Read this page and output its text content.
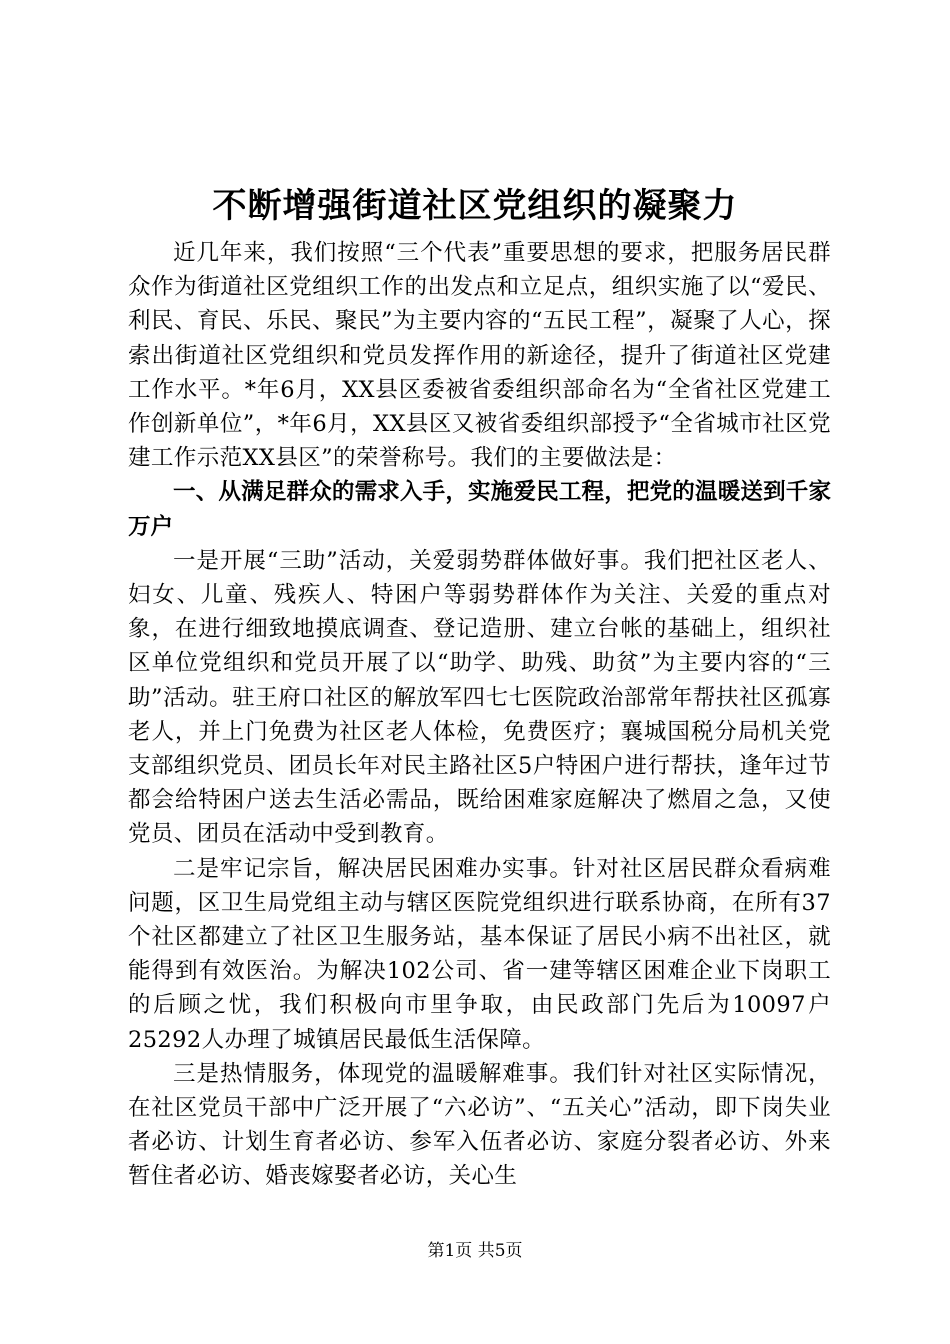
不断增强街道社区党组织的凝聚力

近几年来，我们按照“三个代表”重要思想的要求，把服务居民群众作为街道社区党组织工作的出发点和立足点，组织实施了以“爱民、利民、育民、乐民、聚民”为主要内容的“五民工程”，凝聚了人心，探索出街道社区党组织和党员发挥作用的新途径，提升了街道社区党建工作水平。*年6月，XX县区委被省委组织部命名为“全省社区党建工作创新单位”，*年6月，XX县区又被省委组织部授予“全省城市社区党建工作示范XX县区”的荣誉称号。我们的主要做法是：

一、从满足群众的需求入手，实施爱民工程，把党的温暖送到千家万户

一是开展“三助”活动，关爱弱势群体做好事。我们把社区老人、妇女、儿童、残疾人、特困户等弱势群体作为关注、关爱的重点对象，在进行细致地摸底调查、登记造册、建立台帐的基础上，组织社区单位党组织和党员开展了以“助学、助残、助贫”为主要内容的“三助”活动。驻王府口社区的解放军四七七医院政治部常年帮扶社区孤寡老人，并上门免费为社区老人体检，免费医疗；襄城国税分局机关党支部组织党员、团员长年对民主路社区5户特困户进行帮扶，逢年过节都会给特困户送去生活必需品，既给困难家庭解决了燃眉之急，又使党员、团员在活动中受到教育。

二是牢记宗旨，解决居民困难办实事。针对社区居民群众看病难问题，区卫生局党组主动与辖区医院党组织进行联系协商，在所有37个社区都建立了社区卫生服务站，基本保证了居民小病不出社区，就能得到有效医治。为解决102公司、省一建等辖区困难企业下岗职工的后顾之忧，我们积极向市里争取，由民政部门先后为10097户25292人办理了城镇居民最低生活保障。

三是热情服务，体现党的温暖解难事。我们针对社区实际情况，在社区党员干部中广泛开展了“六必访”、“五关心”活动，即下岗失业者必访、计划生育者必访、参军入伍者必访、家庭分裂者必访、外来暂住者必访、婚丧嫁娶者必访，关心生

第1页 共5页
